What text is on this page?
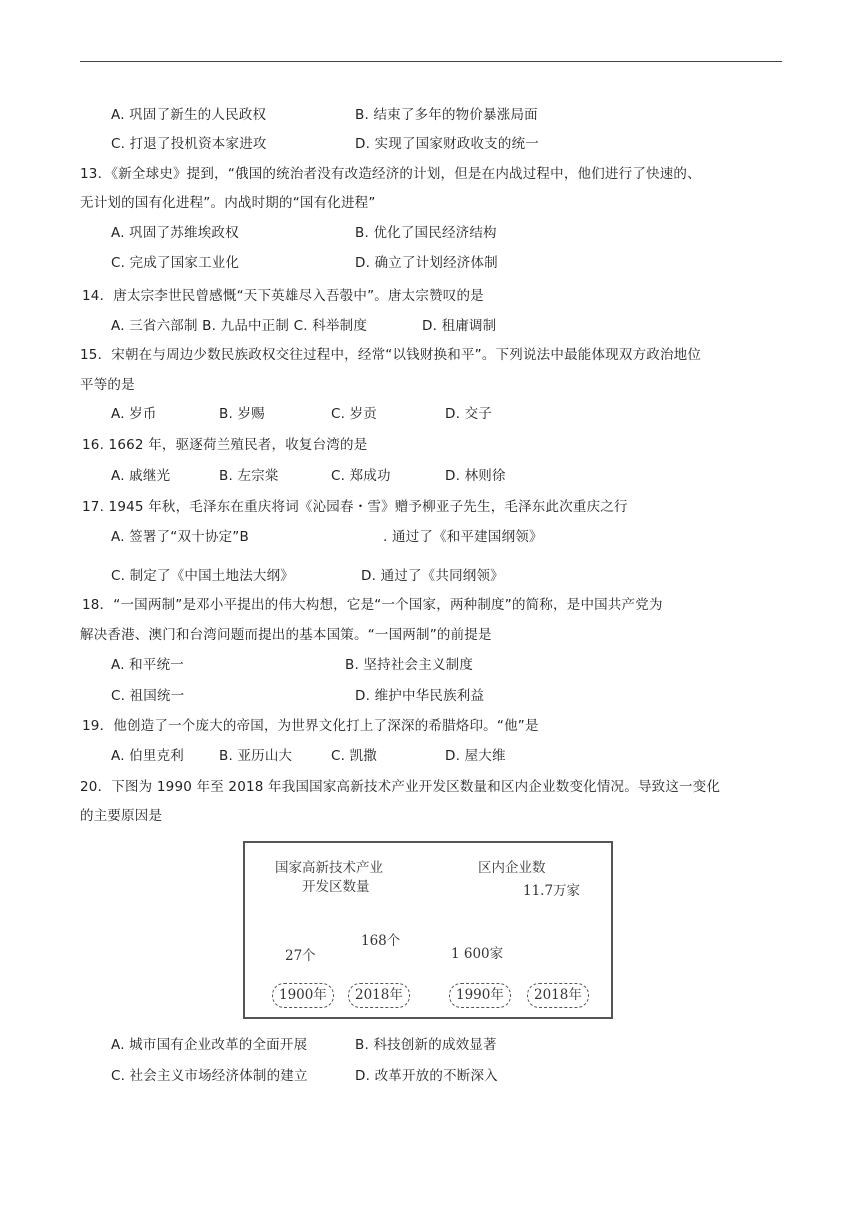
A. 巩固了新生的人民政权	B. 结束了多年的物价暴涨局面
C. 打退了投机资本家进攻	D. 实现了国家财政收支的统一
13．《新全球史》提到，“俄国的统治者没有改造经济的计划，但是在内战过程中，他们进行了快速的、
无计划的国有化进程”。内战时期的“国有化进程”
A. 巩固了苏维埃政权	B. 优化了国民经济结构
C. 完成了国家工业化	D. 确立了计划经济体制
14．唐太宗李世民曾感慨“天下英雄尽入吾彀中”。唐太宗赞叹的是
A. 三省六部制 B. 九品中正制 C. 科举制度	D. 租庸调制
15．宋朝在与周边少数民族政权交往过程中，经常“以钱财换和平”。下列说法中最能体现双方政治地位
平等的是
A. 岁币	B. 岁赐	C. 岁贡	D. 交子
16. 1662 年，驱逐荷兰殖民者，收复台湾的是
A. 戚继光	B. 左宗棠	C. 郑成功	D. 林则徐
17. 1945 年秋，毛泽东在重庆将词《沁园春・雪》赠予柳亚子先生，毛泽东此次重庆之行
A. 签署了“双十协定”B	. 通过了《和平建国纲领》
C. 制定了《中国土地法大纲》	D. 通过了《共同纲领》
18．“一国两制”是邓小平提出的伟大构想，它是“一个国家，两种制度”的简称，是中国共产党为
解决香港、澳门和台湾问题而提出的基本国策。“一国两制”的前提是
A. 和平统一	B. 坚持社会主义制度
C. 祖国统一	D. 维护中华民族利益
19．他创造了一个庞大的帝国，为世界文化打上了深深的希腊烙印。“他”是
A. 伯里克利	B. 亚历山大	C. 凯撒	D. 屋大维
20．下图为 1990 年至 2018 年我国国家高新技术产业开发区数量和区内企业数变化情况。导致这一变化
的主要原因是
国家高新技术产业
开发区数量
区内企业数
11.7万家
168个
27个	1 600家
1900年	2018年	1990年	2018年
A. 城市国有企业改革的全面开展	B. 科技创新的成效显著
C. 社会主义市场经济体制的建立	D. 改革开放的不断深入
